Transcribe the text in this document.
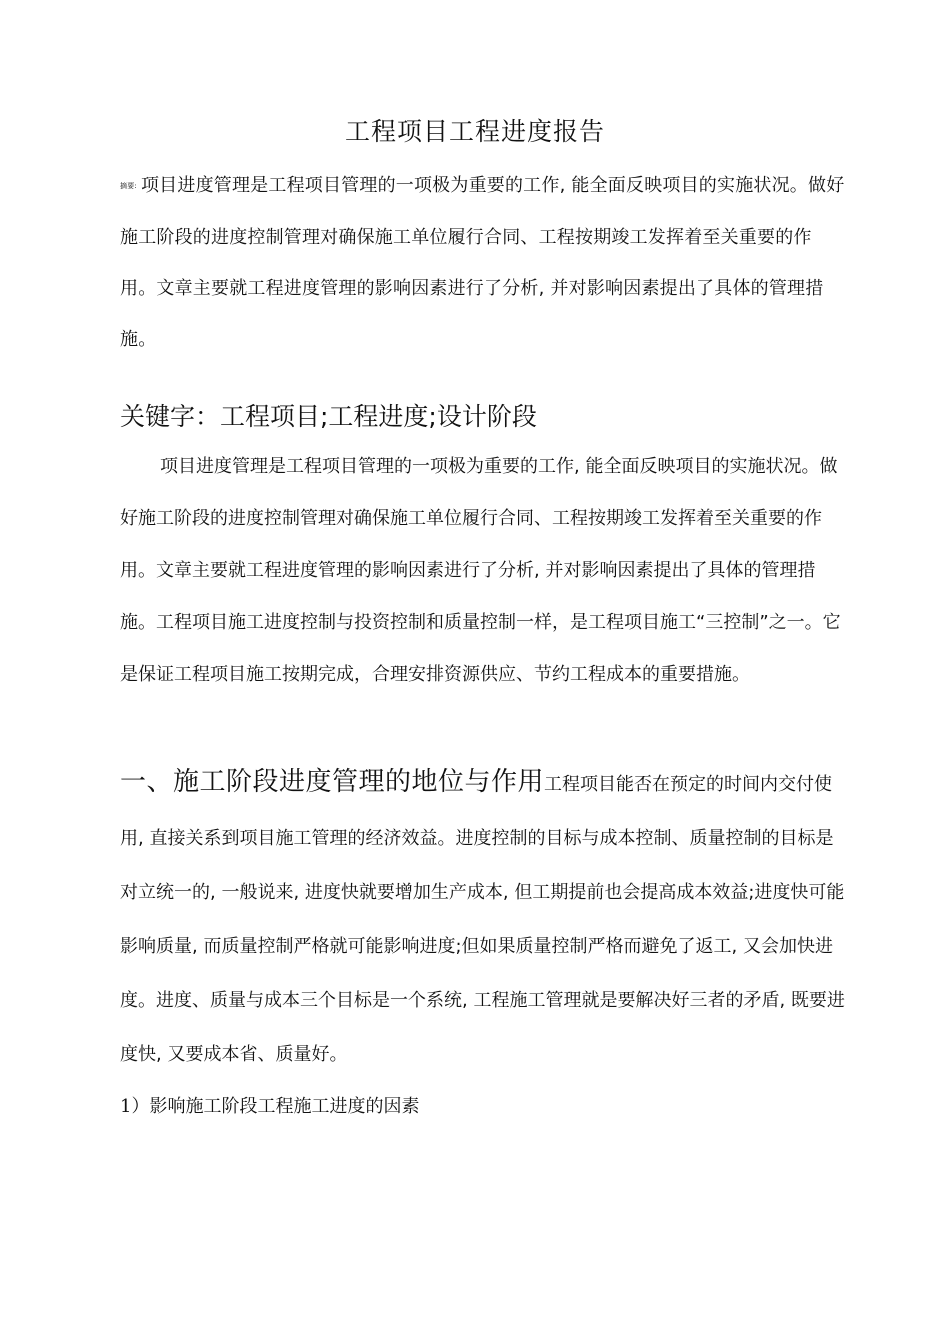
工程项目工程进度报告
摘要: 项目进度管理是工程项目管理的一项极为重要的工作, 能全面反映项目的实施状况。做好施工阶段的进度控制管理对确保施工单位履行合同、工程按期竣工发挥着至关重要的作用。文章主要就工程进度管理的影响因素进行了分析, 并对影响因素提出了具体的管理措施。
关键字：工程项目;工程进度;设计阶段
项目进度管理是工程项目管理的一项极为重要的工作, 能全面反映项目的实施状况。做好施工阶段的进度控制管理对确保施工单位履行合同、工程按期竣工发挥着至关重要的作用。文章主要就工程进度管理的影响因素进行了分析, 并对影响因素提出了具体的管理措施。工程项目施工进度控制与投资控制和质量控制一样，是工程项目施工“三控制”之一。它是保证工程项目施工按期完成，合理安排资源供应、节约工程成本的重要措施。
一、施工阶段进度管理的地位与作用工程项目能否在预定的时间内交付使用, 直接关系到项目施工管理的经济效益。进度控制的目标与成本控制、质量控制的目标是对立统一的, 一般说来, 进度快就要增加生产成本, 但工期提前也会提高成本效益;进度快可能影响质量, 而质量控制严格就可能影响进度;但如果质量控制严格而避免了返工, 又会加快进度。进度、质量与成本三个目标是一个系统, 工程施工管理就是要解决好三者的矛盾, 既要进度快, 又要成本省、质量好。
1）影响施工阶段工程施工进度的因素
